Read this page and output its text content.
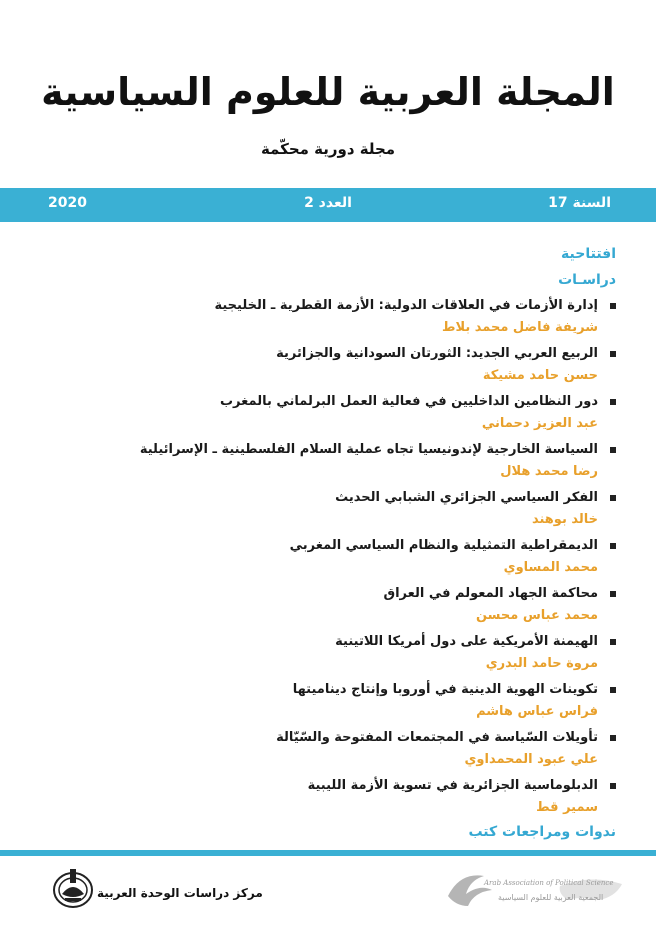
المجلة العربية للعلوم السياسية
مجلة دورية محكّمة
السنة 17
العدد 2
2020
افتتاحية
دراسـات
إدارة الأزمات في العلاقات الدولية: الأزمة القطرية ـ الخليجية
شريفة فاضل محمد بلاط
الربيع العربي الجديد: الثورتان السودانية والجزائرية
حسن حامد مشيكة
دور النظامين الداخليين في فعالية العمل البرلماني بالمغرب
عبد العزيز دحماني
السياسة الخارجية لإندونيسيا تجاه عملية السلام الفلسطينية ـ الإسرائيلية
رضا محمد هلال
الفكر السياسي الجزائري الشبابي الحديث
خالد بوهند
الديمقراطية التمثيلية والنظام السياسي المغربي
محمد المساوي
محاكمة الجهاد المعولم في العراق
محمد عباس محسن
الهيمنة الأمريكية على دول أمريكا اللاتينية
مروة حامد البدري
تكوينات الهوية الدينية في أوروبا وإنتاج ديناميتها
فراس عباس هاشم
تأويلات السّياسة في المجتمعات المفتوحة والسّيّالة
علي عبود المحمداوي
الدبلوماسية الجزائرية في تسوية الأزمة الليبية
سمير قط
ندوات ومراجعات كتب
مركز دراسات الوحدة العربية
Arab Association of Political Science
الجمعية العربية للعلوم السياسية
